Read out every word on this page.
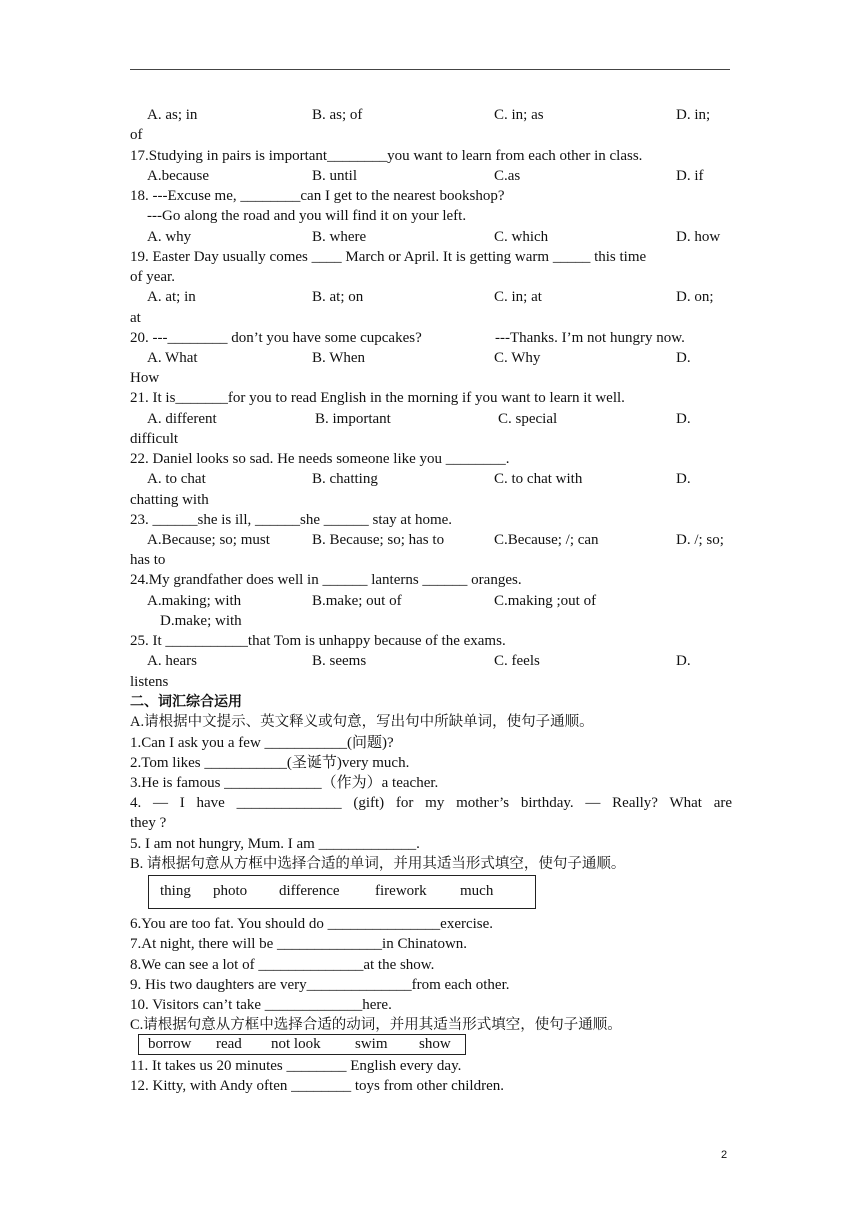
A. as; in	B. as; of	C. in; as	D. in;
of
17.Studying in pairs is important________you want to learn from each other in class.
A.because	B. until	C.as	D. if
18. ---Excuse me, ________can I get to the nearest bookshop?
---Go along the road and you will find it on your left.
A. why	B. where	C. which	D. how
19. Easter Day usually comes ____ March or April. It is getting warm _____ this time
of year.
A. at; in	B. at; on	C. in; at	D. on;
at
20. ---________ don’t you have some cupcakes?	---Thanks. I’m not hungry now.
A. What	B. When	C. Why	D.
How
21. It is_______for you to read English in the morning if you want to learn it well.
A. different	B. important	C. special	D.
difficult
22. Daniel looks so sad. He needs someone like you ________.
A. to chat	B. chatting	C. to chat with	D.
chatting with
23. ______she is ill, ______she ______ stay at home.
A.Because; so; must	B. Because; so; has to	C.Because; /; can	D. /; so;
has to
24.My grandfather does well in ______ lanterns ______ oranges.
A.making; with	B.make; out of	C.making ;out of
D.make; with
25. It ___________that Tom is unhappy because of the exams.
A. hears	B. seems	C. feels	D.
listens
二、词汇综合运用
A.请根据中文提示、英文释义或句意，写出句中所缺单词，使句子通顺。
1.Can I ask you a few ___________(问题)?
2.Tom likes ___________(圣诞节)very much.
3.He is famous _____________（作为）a teacher.
4. — I have ______________ (gift) for my mother’s birthday. — Really? What are
they ?
5. I am not hungry, Mum. I am _____________.
B. 请根据句意从方框中选择合适的单词，并用其适当形式填空，使句子通顺。
thing photo difference firework much
6.You are too fat. You should do _______________exercise.
7.At night, there will be ______________in Chinatown.
8.We can see a lot of ______________at the show.
9. His two daughters are very______________from each other.
10. Visitors can’t take _____________here.
C.请根据句意从方框中选择合适的动词，并用其适当形式填空，使句子通顺。
borrow read not look swim show
11. It takes us 20 minutes ________ English every day.
12. Kitty, with Andy often ________ toys from other children.
2
